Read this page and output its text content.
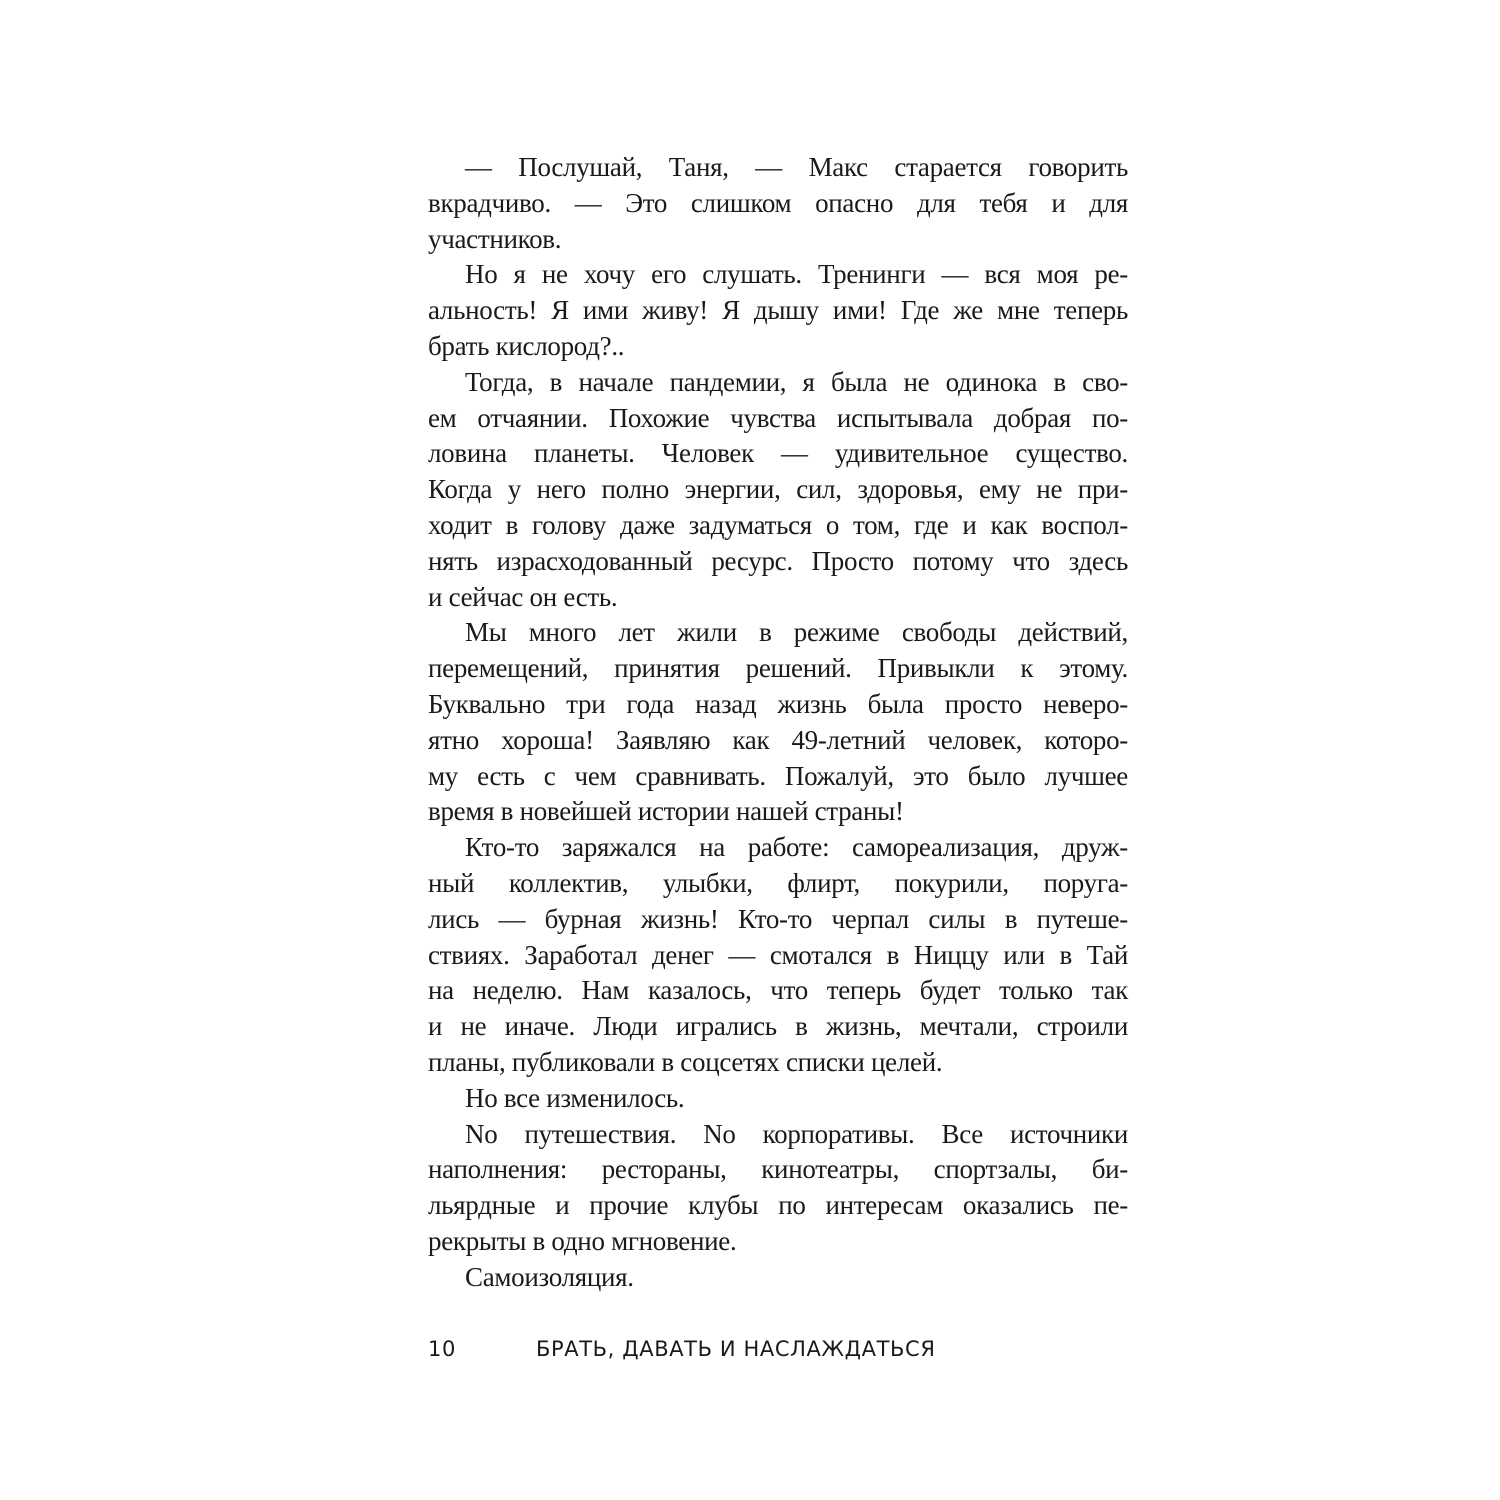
— Послушай, Таня, — Макс старается говорить
вкрадчиво. — Это слишком опасно для тебя и для
участников.
Но я не хочу его слушать. Тренинги — вся моя ре-
альность! Я ими живу! Я дышу ими! Где же мне теперь
брать кислород?..
Тогда, в начале пандемии, я была не одинока в сво-
ем отчаянии. Похожие чувства испытывала добрая по-
ловина планеты. Человек — удивительное существо.
Когда у него полно энергии, сил, здоровья, ему не при-
ходит в голову даже задуматься о том, где и как воспол-
нять израсходованный ресурс. Просто потому что здесь
и сейчас он есть.
Мы много лет жили в режиме свободы действий,
перемещений, принятия решений. Привыкли к этому.
Буквально три года назад жизнь была просто неверо-
ятно хороша! Заявляю как 49-летний человек, которо-
му есть с чем сравнивать. Пожалуй, это было лучшее
время в новейшей истории нашей страны!
Кто-то заряжался на работе: самореализация, друж-
ный коллектив, улыбки, флирт, покурили, поруга-
лись — бурная жизнь! Кто-то черпал силы в путеше-
ствиях. Заработал денег — смотался в Ниццу или в Тай
на неделю. Нам казалось, что теперь будет только так
и не иначе. Люди игрались в жизнь, мечтали, строили
планы, публиковали в соцсетях списки целей.
Но все изменилось.
No путешествия. No корпоративы. Все источники
наполнения: рестораны, кинотеатры, спортзалы, би-
льярдные и прочие клубы по интересам оказались пе-
рекрыты в одно мгновение.
Самоизоляция.
10	БРАТЬ, ДАВАТЬ И НАСЛАЖДАТЬСЯ
